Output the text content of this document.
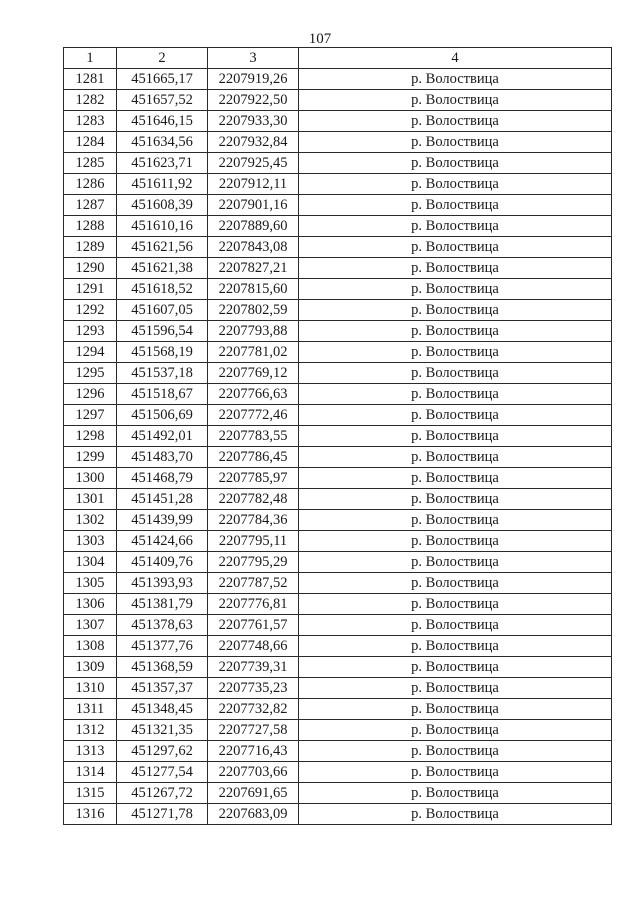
107
1	2	3	4
1281	451665,17	2207919,26	р. Волоствица
1282	451657,52	2207922,50	р. Волоствица
1283	451646,15	2207933,30	р. Волоствица
1284	451634,56	2207932,84	р. Волоствица
1285	451623,71	2207925,45	р. Волоствица
1286	451611,92	2207912,11	р. Волоствица
1287	451608,39	2207901,16	р. Волоствица
1288	451610,16	2207889,60	р. Волоствица
1289	451621,56	2207843,08	р. Волоствица
1290	451621,38	2207827,21	р. Волоствица
1291	451618,52	2207815,60	р. Волоствица
1292	451607,05	2207802,59	р. Волоствица
1293	451596,54	2207793,88	р. Волоствица
1294	451568,19	2207781,02	р. Волоствица
1295	451537,18	2207769,12	р. Волоствица
1296	451518,67	2207766,63	р. Волоствица
1297	451506,69	2207772,46	р. Волоствица
1298	451492,01	2207783,55	р. Волоствица
1299	451483,70	2207786,45	р. Волоствица
1300	451468,79	2207785,97	р. Волоствица
1301	451451,28	2207782,48	р. Волоствица
1302	451439,99	2207784,36	р. Волоствица
1303	451424,66	2207795,11	р. Волоствица
1304	451409,76	2207795,29	р. Волоствица
1305	451393,93	2207787,52	р. Волоствица
1306	451381,79	2207776,81	р. Волоствица
1307	451378,63	2207761,57	р. Волоствица
1308	451377,76	2207748,66	р. Волоствица
1309	451368,59	2207739,31	р. Волоствица
1310	451357,37	2207735,23	р. Волоствица
1311	451348,45	2207732,82	р. Волоствица
1312	451321,35	2207727,58	р. Волоствица
1313	451297,62	2207716,43	р. Волоствица
1314	451277,54	2207703,66	р. Волоствица
1315	451267,72	2207691,65	р. Волоствица
1316	451271,78	2207683,09	р. Волоствица
